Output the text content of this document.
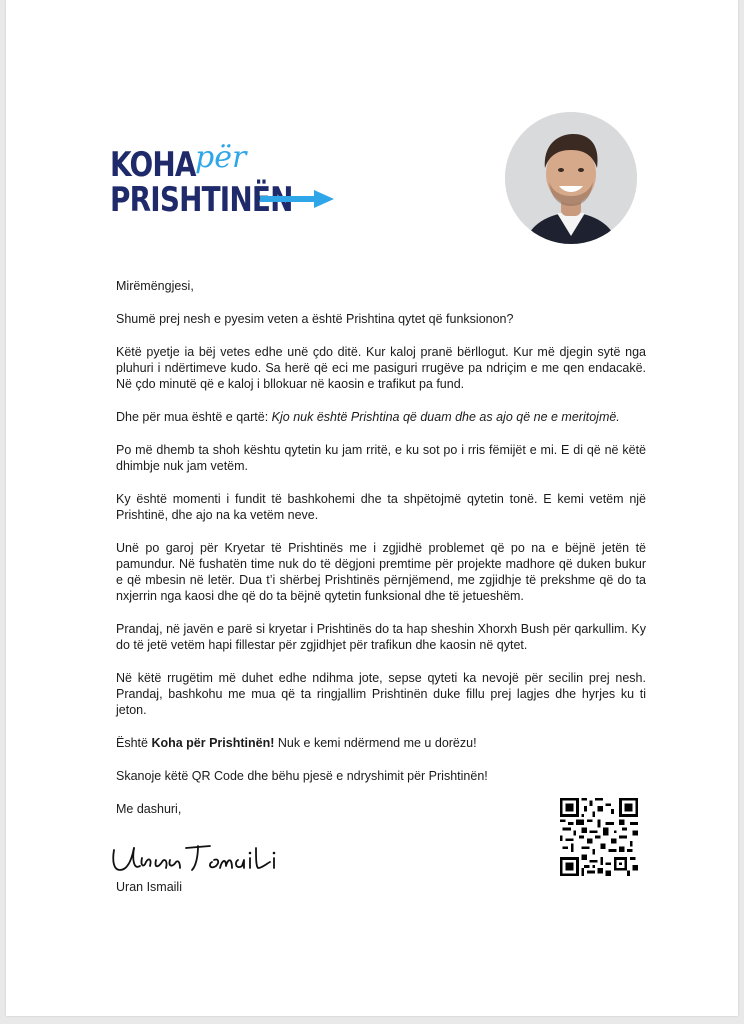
KOHA për
PRISHTINËN

Mirëmëngjesi,

Shumë prej nesh e pyesim veten a është Prishtina qytet që funksionon?

Këtë pyetje ia bëj vetes edhe unë çdo ditë. Kur kaloj pranë bërllogut. Kur më djegin sytë nga pluhuri i ndërtimeve kudo. Sa herë që eci me pasiguri rrugëve pa ndriçim e me qen endacakë. Në çdo minutë që e kaloj i bllokuar në kaosin e trafikut pa fund.

Dhe për mua është e qartë: Kjo nuk është Prishtina që duam dhe as ajo që ne e meritojmë.

Po më dhemb ta shoh kështu qytetin ku jam rritë, e ku sot po i rris fëmijët e mi. E di që në këtë dhimbje nuk jam vetëm.

Ky është momenti i fundit të bashkohemi dhe ta shpëtojmë qytetin tonë. E kemi vetëm një Prishtinë, dhe ajo na ka vetëm neve.

Unë po garoj për Kryetar të Prishtinës me i zgjidhë problemet që po na e bëjnë jetën të pamundur. Në fushatën time nuk do të dëgjoni premtime për projekte madhore që duken bukur e që mbesin në letër. Dua t’i shërbej Prishtinës përnjëmend, me zgjidhje të prekshme që do ta nxjerrin nga kaosi dhe që do ta bëjnë qytetin funksional dhe të jetueshëm.

Prandaj, në javën e parë si kryetar i Prishtinës do ta hap sheshin Xhorxh Bush për qarkullim. Ky do të jetë vetëm hapi fillestar për zgjidhjet për trafikun dhe kaosin në qytet.

Në këtë rrugëtim më duhet edhe ndihma jote, sepse qyteti ka nevojë për secilin prej nesh. Prandaj, bashkohu me mua që ta ringjallim Prishtinën duke fillu prej lagjes dhe hyrjes ku ti jeton.

Është Koha për Prishtinën! Nuk e kemi ndërmend me u dorëzu!

Skanoje këtë QR Code dhe bëhu pjesë e ndryshimit për Prishtinën!

Me dashuri,

Uran Ismaili
